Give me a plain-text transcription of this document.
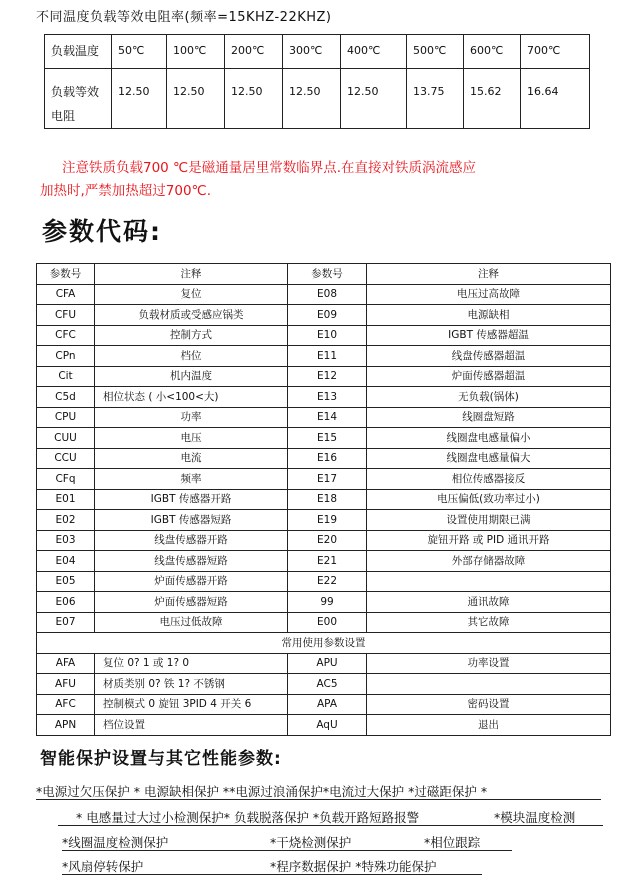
不同温度负载等效电阻率(频率=15KHZ-22KHZ)
负载温度	50℃	100℃	200℃	300℃	400℃	500℃	600℃	700℃
负载等效
电阻	12.50	12.50	12.50	12.50	12.50	13.75	15.62	16.64
注意铁质负载700 ℃是磁通量居里常数临界点.在直接对铁质涡流感应
加热时,严禁加热超过700℃.
参数代码:
参数号	注释	参数号	注释
CFA	复位	E08	电压过高故障
CFU	负载材质或受感应锅类	E09	电源缺相
CFC	控制方式	E10	IGBT 传感器超温
CPn	档位	E11	线盘传感器超温
Cit	机内温度	E12	炉面传感器超温
C5d	相位状态 ( 小<100<大)	E13	无负载(锅体)
CPU	功率	E14	线圈盘短路
CUU	电压	E15	线圈盘电感量偏小
CCU	电流	E16	线圈盘电感量偏大
CFq	频率	E17	相位传感器接反
E01	IGBT 传感器开路	E18	电压偏低(致功率过小)
E02	IGBT 传感器短路	E19	设置使用期限已满
E03	线盘传感器开路	E20	旋钮开路 或 PID 通讯开路
E04	线盘传感器短路	E21	外部存储器故障
E05	炉面传感器开路	E22	
E06	炉面传感器短路	99	通讯故障
E07	电压过低故障	E00	其它故障
常用使用参数设置			
AFA	复位 0? 1 或 1? 0	APU	功率设置
AFU	材质类别 0? 铁 1? 不锈钢	AC5	
AFC	控制模式 0 旋钮 3PID 4 开关 6	APA	密码设置
APN	档位设置	AqU	退出
智能保护设置与其它性能参数:
*电源过欠压保护 * 电源缺相保护 **电源过浪涌保护*电流过大保护 *过磁距保护 *
* 电感量过大过小检测保护* 负载脱落保护 *负载开路短路报警	*模块温度检测
*线圈温度检测保护	*干烧检测保护	*相位跟踪
*风扇停转保护	*程序数据保护 *特殊功能保护
